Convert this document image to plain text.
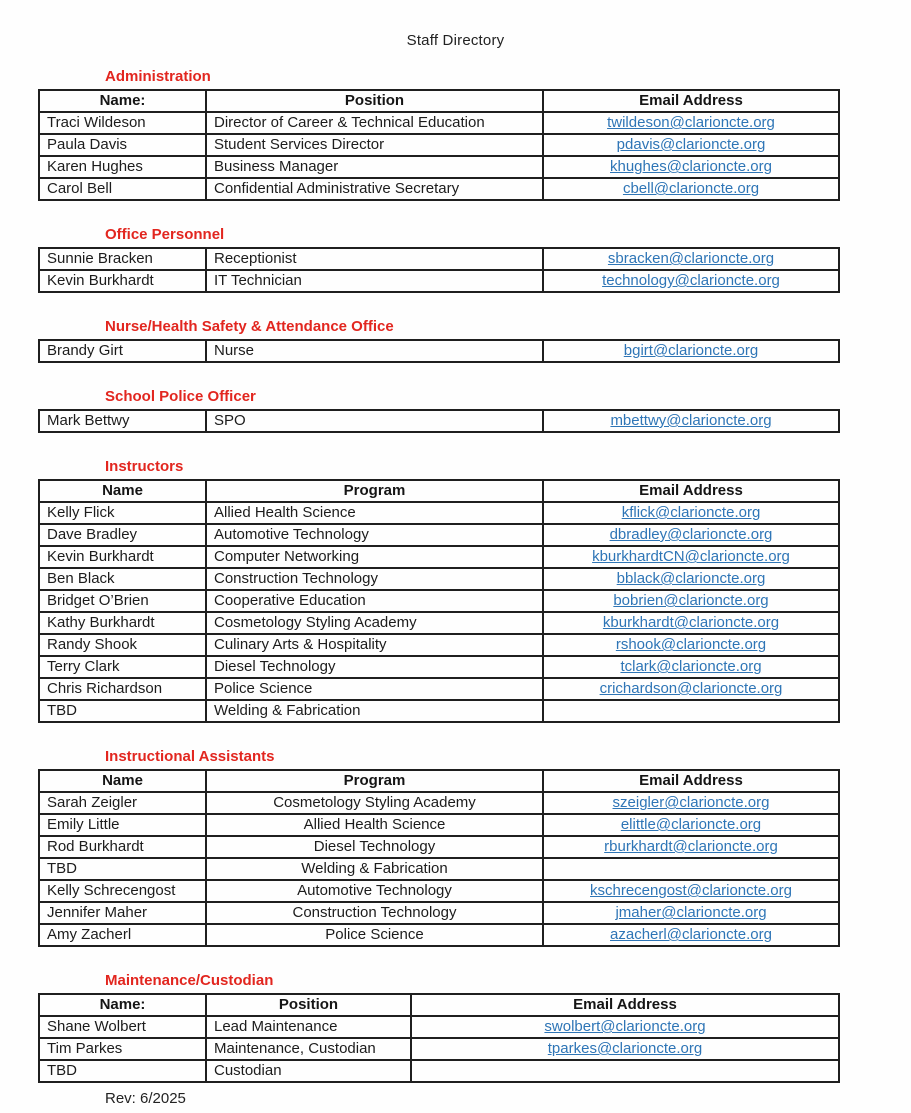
Staff Directory
Administration
Name:	Position	Email Address
Traci Wildeson	Director of Career & Technical Education	twildeson@clarioncte.org
Paula Davis	Student Services Director	pdavis@clarioncte.org
Karen Hughes	Business Manager	khughes@clarioncte.org
Carol Bell	Confidential Administrative Secretary	cbell@clarioncte.org
Office Personnel
Sunnie Bracken	Receptionist	sbracken@clarioncte.org
Kevin Burkhardt	IT Technician	technology@clarioncte.org
Nurse/Health Safety & Attendance Office
Brandy Girt	Nurse	bgirt@clarioncte.org
School Police Officer
Mark Bettwy	SPO	mbettwy@clarioncte.org
Instructors
Name	Program	Email Address
Kelly Flick	Allied Health Science	kflick@clarioncte.org
Dave Bradley	Automotive Technology	dbradley@clarioncte.org
Kevin Burkhardt	Computer Networking	kburkhardtCN@clarioncte.org
Ben Black	Construction Technology	bblack@clarioncte.org
Bridget O’Brien	Cooperative Education	bobrien@clarioncte.org
Kathy Burkhardt	Cosmetology Styling Academy	kburkhardt@clarioncte.org
Randy Shook	Culinary Arts & Hospitality	rshook@clarioncte.org
Terry Clark	Diesel Technology	tclark@clarioncte.org
Chris Richardson	Police Science	crichardson@clarioncte.org
TBD	Welding & Fabrication	
Instructional Assistants
Name	Program	Email Address
Sarah Zeigler	Cosmetology Styling Academy	szeigler@clarioncte.org
Emily Little	Allied Health Science	elittle@clarioncte.org
Rod Burkhardt	Diesel Technology	rburkhardt@clarioncte.org
TBD	Welding & Fabrication	
Kelly Schrecengost	Automotive Technology	kschrecengost@clarioncte.org
Jennifer Maher	Construction Technology	jmaher@clarioncte.org
Amy Zacherl	Police Science	azacherl@clarioncte.org
Maintenance/Custodian
Name:	Position	Email Address
Shane Wolbert	Lead Maintenance	swolbert@clarioncte.org
Tim Parkes	Maintenance, Custodian	tparkes@clarioncte.org
TBD	Custodian	
Rev: 6/2025
